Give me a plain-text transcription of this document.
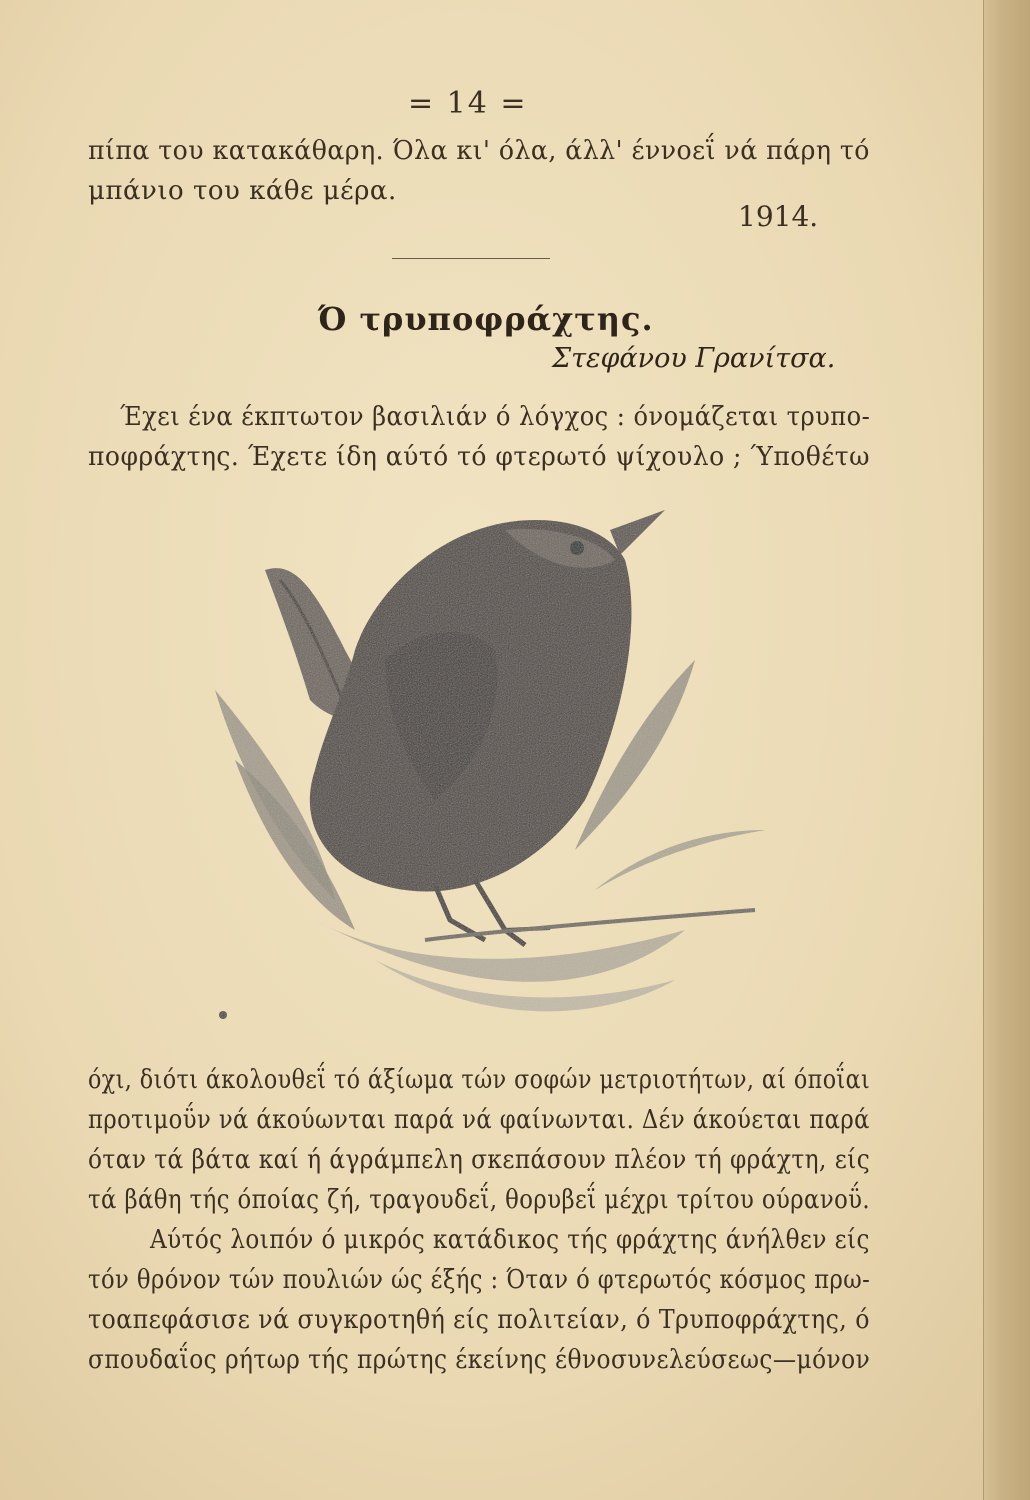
= 14 =
πίπα του κατακάθαρη. Όλα κι' όλα, άλλ' έννοεΐ νά πάρη τό
μπάνιο του κάθε μέρα.
1914.
Ό τρυποφράχτης.
Στεφάνου Γρανίτσα.
Έχει ένα έκπτωτον βασιλιάν ό λόγχος : όνομάζεται τρυπο-
ποφράχτης. Έχετε ίδη αύτό τό φτερωτό ψίχουλο ; Ύποθέτω
όχι, διότι άκολουθεΐ τό άξίωμα τών σοφών μετριοτήτων, αί όποΐαι
προτιμοΰν νά άκούωνται παρά νά φαίνωνται. Δέν άκούεται παρά
όταν τά βάτα καί ή άγράμπελη σκεπάσουν πλέον τή φράχτη, είς
τά βάθη τής όποίας ζή, τραγουδεΐ, θορυβεΐ μέχρι τρίτου ούρανοΰ.
Αύτός λοιπόν ό μικρός κατάδικος τής φράχτης άνήλθεν είς
τόν θρόνον τών πουλιών ώς έξής : Όταν ό φτερωτός κόσμος πρω-
τοαπεφάσισε νά συγκροτηθή είς πολιτείαν, ό Τρυποφράχτης, ό
σπουδαΐος ρήτωρ τής πρώτης έκείνης έθνοσυνελεύσεως—μόνον
